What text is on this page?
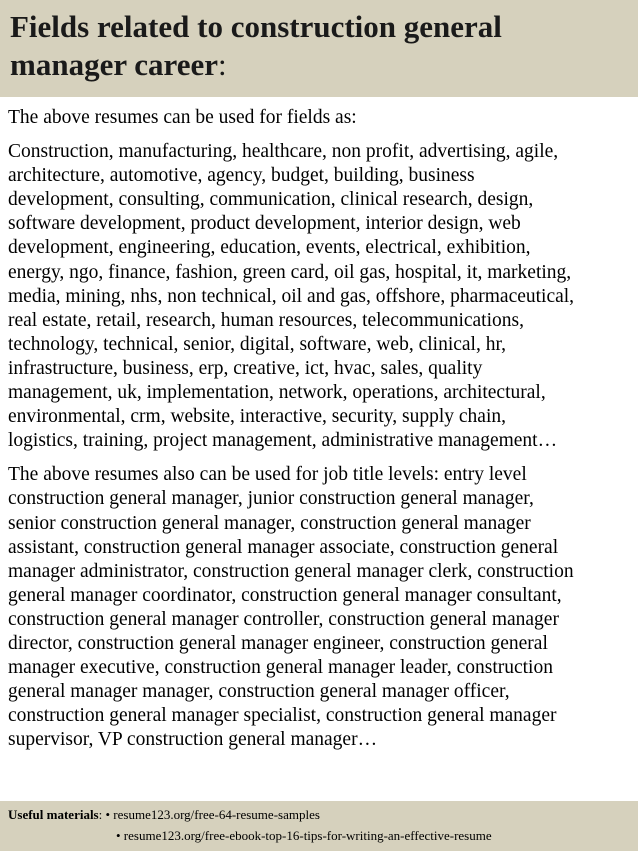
Fields related to construction general
manager career:

The above resumes can be used for fields as:

Construction, manufacturing, healthcare, non profit, advertising, agile,
architecture, automotive, agency, budget, building, business
development, consulting, communication, clinical research, design,
software development, product development, interior design, web
development, engineering, education, events, electrical, exhibition,
energy, ngo, finance, fashion, green card, oil gas, hospital, it, marketing,
media, mining, nhs, non technical, oil and gas, offshore, pharmaceutical,
real estate, retail, research, human resources, telecommunications,
technology, technical, senior, digital, software, web, clinical, hr,
infrastructure, business, erp, creative, ict, hvac, sales, quality
management, uk, implementation, network, operations, architectural,
environmental, crm, website, interactive, security, supply chain,
logistics, training, project management, administrative management…

The above resumes also can be used for job title levels: entry level
construction general manager, junior construction general manager,
senior construction general manager, construction general manager
assistant, construction general manager associate, construction general
manager administrator, construction general manager clerk, construction
general manager coordinator, construction general manager consultant,
construction general manager controller, construction general manager
director, construction general manager engineer, construction general
manager executive, construction general manager leader, construction
general manager manager, construction general manager officer,
construction general manager specialist, construction general manager
supervisor, VP construction general manager…

Useful materials: • resume123.org/free-64-resume-samples
• resume123.org/free-ebook-top-16-tips-for-writing-an-effective-resume
